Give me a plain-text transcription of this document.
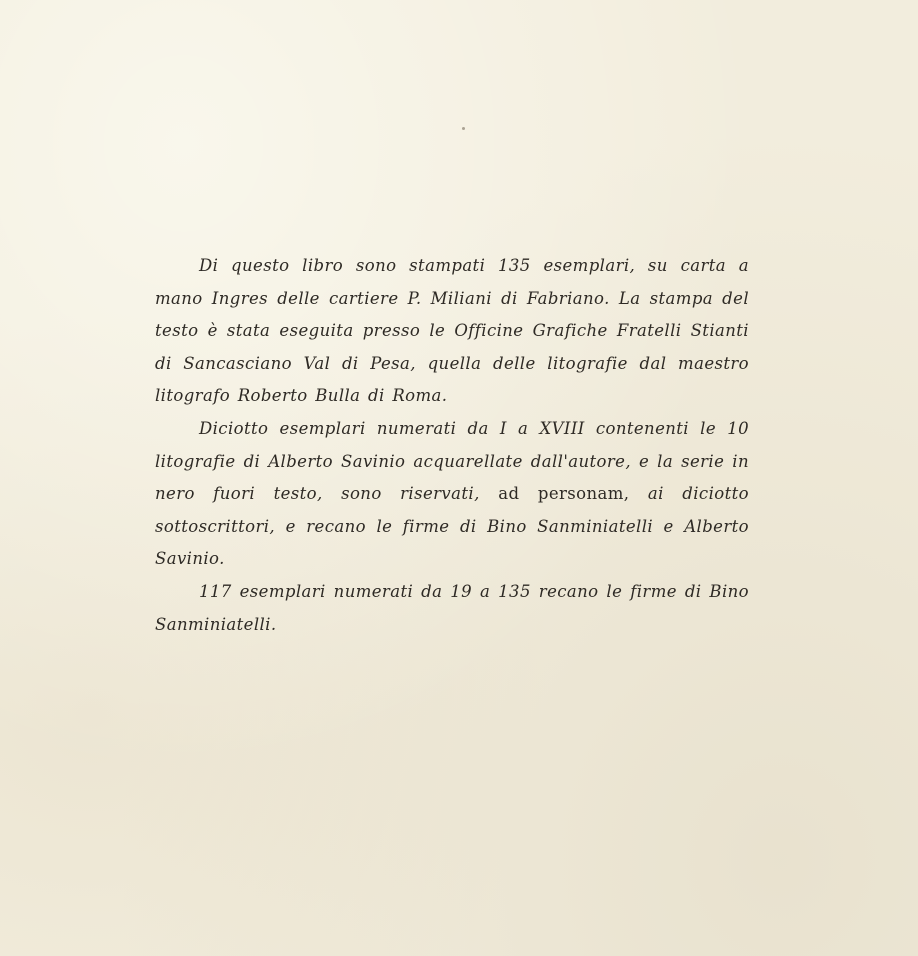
Di questo libro sono stampati 135 esemplari, su carta a mano Ingres delle cartiere P. Miliani di Fabriano. La stampa del testo è stata eseguita presso le Officine Grafiche Fratelli Stianti di Sancasciano Val di Pesa, quella delle litografie dal maestro litografo Roberto Bulla di Roma.

Diciotto esemplari numerati da I a XVIII contenenti le 10 litografie di Alberto Savinio acquarellate dall'autore, e la serie in nero fuori testo, sono riservati, ad personam, ai diciotto sottoscrittori, e recano le firme di Bino Sanminiatelli e Alberto Savinio.

117 esemplari numerati da 19 a 135 recano le firme di Bino Sanminiatelli.
